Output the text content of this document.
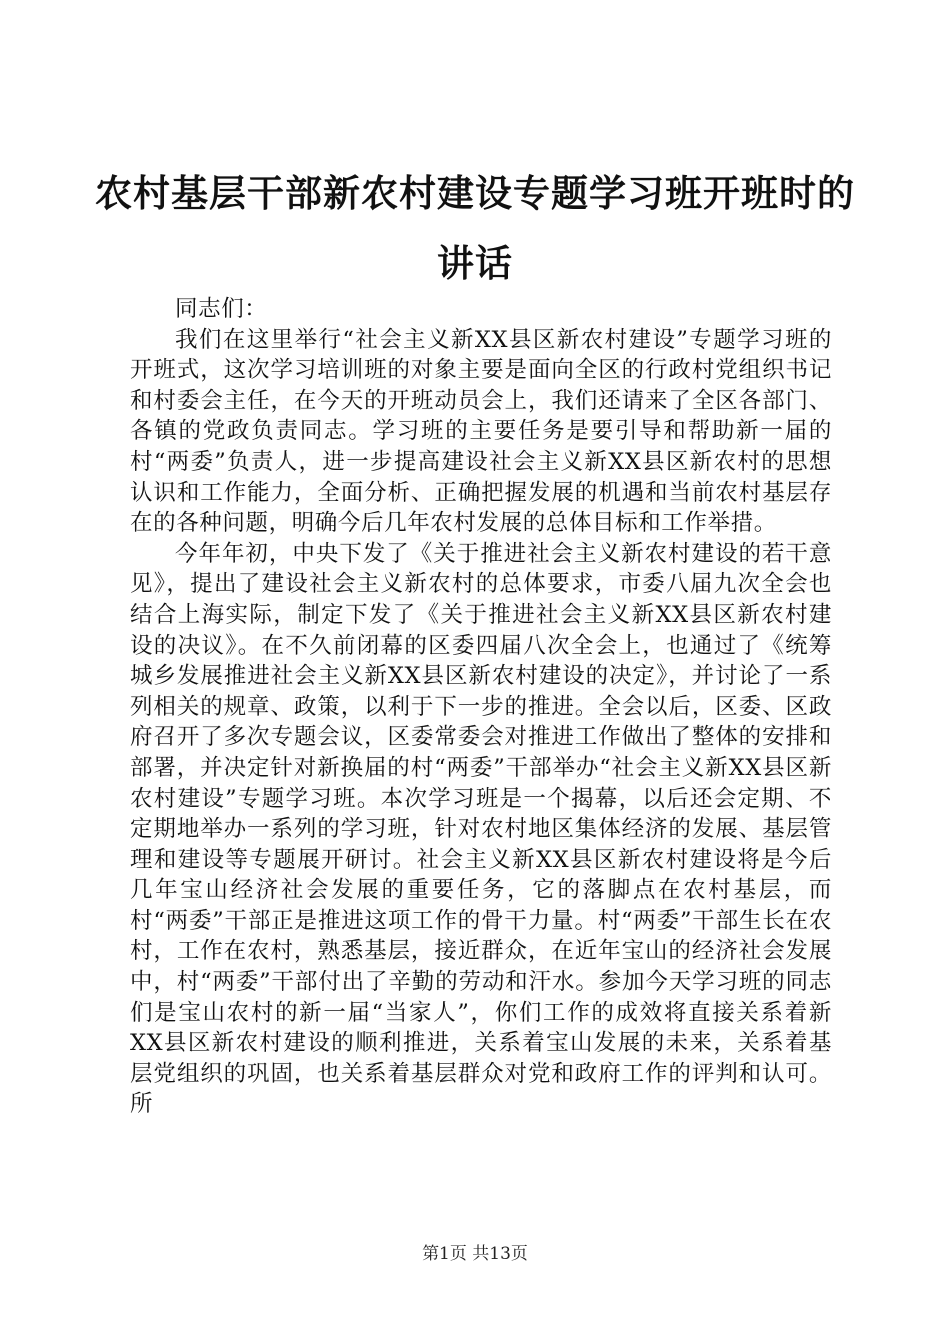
农村基层干部新农村建设专题学习班开班时的讲话

同志们：

我们在这里举行“社会主义新XX县区新农村建设”专题学习班的开班式，这次学习培训班的对象主要是面向全区的行政村党组织书记和村委会主任，在今天的开班动员会上，我们还请来了全区各部门、各镇的党政负责同志。学习班的主要任务是要引导和帮助新一届的村“两委”负责人，进一步提高建设社会主义新XX县区新农村的思想认识和工作能力，全面分析、正确把握发展的机遇和当前农村基层存在的各种问题，明确今后几年农村发展的总体目标和工作举措。

今年年初，中央下发了《关于推进社会主义新农村建设的若干意见》，提出了建设社会主义新农村的总体要求，市委八届九次全会也结合上海实际，制定下发了《关于推进社会主义新XX县区新农村建设的决议》。在不久前闭幕的区委四届八次全会上，也通过了《统筹城乡发展推进社会主义新XX县区新农村建设的决定》，并讨论了一系列相关的规章、政策，以利于下一步的推进。全会以后，区委、区政府召开了多次专题会议，区委常委会对推进工作做出了整体的安排和部署，并决定针对新换届的村“两委”干部举办“社会主义新XX县区新农村建设”专题学习班。本次学习班是一个揭幕，以后还会定期、不定期地举办一系列的学习班，针对农村地区集体经济的发展、基层管理和建设等专题展开研讨。社会主义新XX县区新农村建设将是今后几年宝山经济社会发展的重要任务，它的落脚点在农村基层，而村“两委”干部正是推进这项工作的骨干力量。村“两委”干部生长在农村，工作在农村，熟悉基层，接近群众，在近年宝山的经济社会发展中，村“两委”干部付出了辛勤的劳动和汗水。参加今天学习班的同志们是宝山农村的新一届“当家人”，你们工作的成效将直接关系着新XX县区新农村建设的顺利推进，关系着宝山发展的未来，关系着基层党组织的巩固，也关系着基层群众对党和政府工作的评判和认可。所

第1页 共13页
